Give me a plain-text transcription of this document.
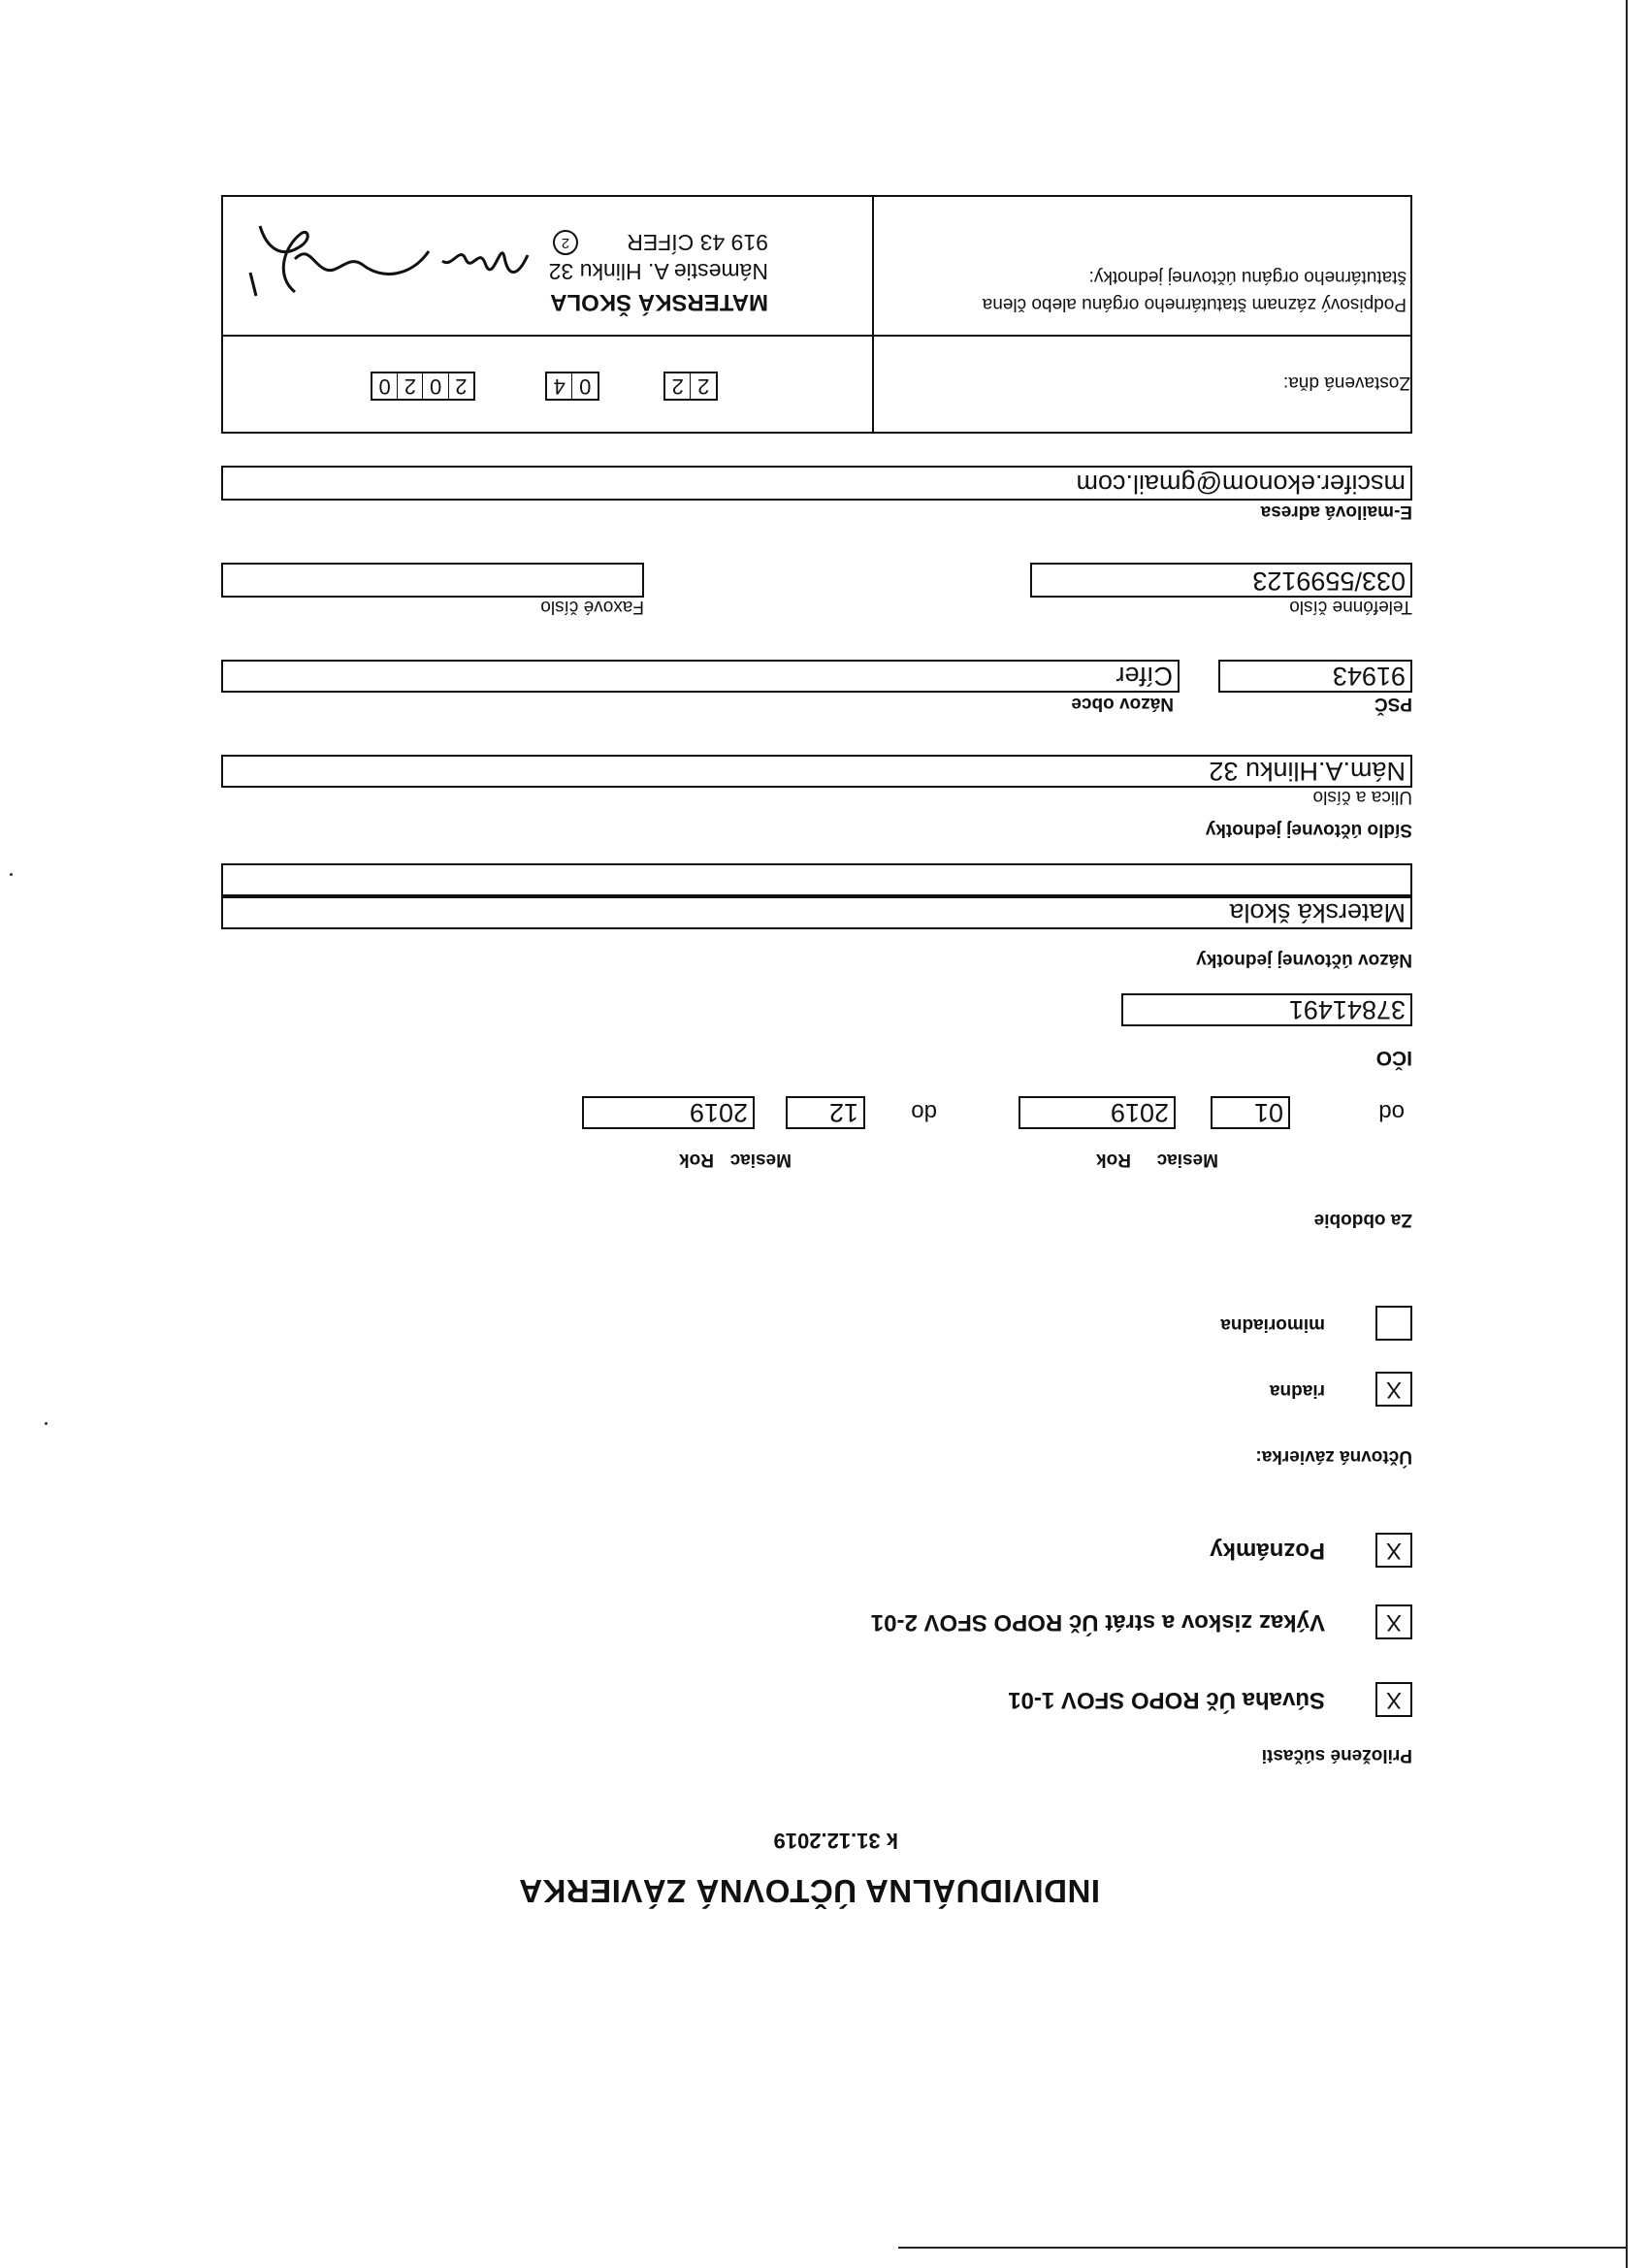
INDIVIDUÁLNA ÚČTOVNÁ ZÁVIERKA
k 31.12.2019
Priložené súčasti
X
Súvaha Úč ROPO SFOV 1-01
X
Výkaz ziskov a strát Úč ROPO SFOV 2-01
X
Poznámky
Účtovná závierka:
X
riadna
mimoriadna
Za obdobie
Mesiac
Rok
Mesiac
Rok
od
01
2019
do
12
2019
IČO
37841491
Názov účtovnej jednotky
Materská škola
Sídlo účtovnej jednotky
Ulica a číslo
Nám.A.Hlinku 32
PSČ
Názov obce
91943
Cífer
Telefónne číslo
Faxové číslo
033/5599123
E-mailová adresa
mscifer.ekonom@gmail.com
Zostavená dňa:
2
2
0
4
2
0
2
0
Podpisový záznam štatutárneho orgánu alebo člena štatutárneho orgánu účtovnej jednotky:
MATERSKÁ ŠKOLA
Námestie A. Hlinku 32
919 43 CÍFER
2
